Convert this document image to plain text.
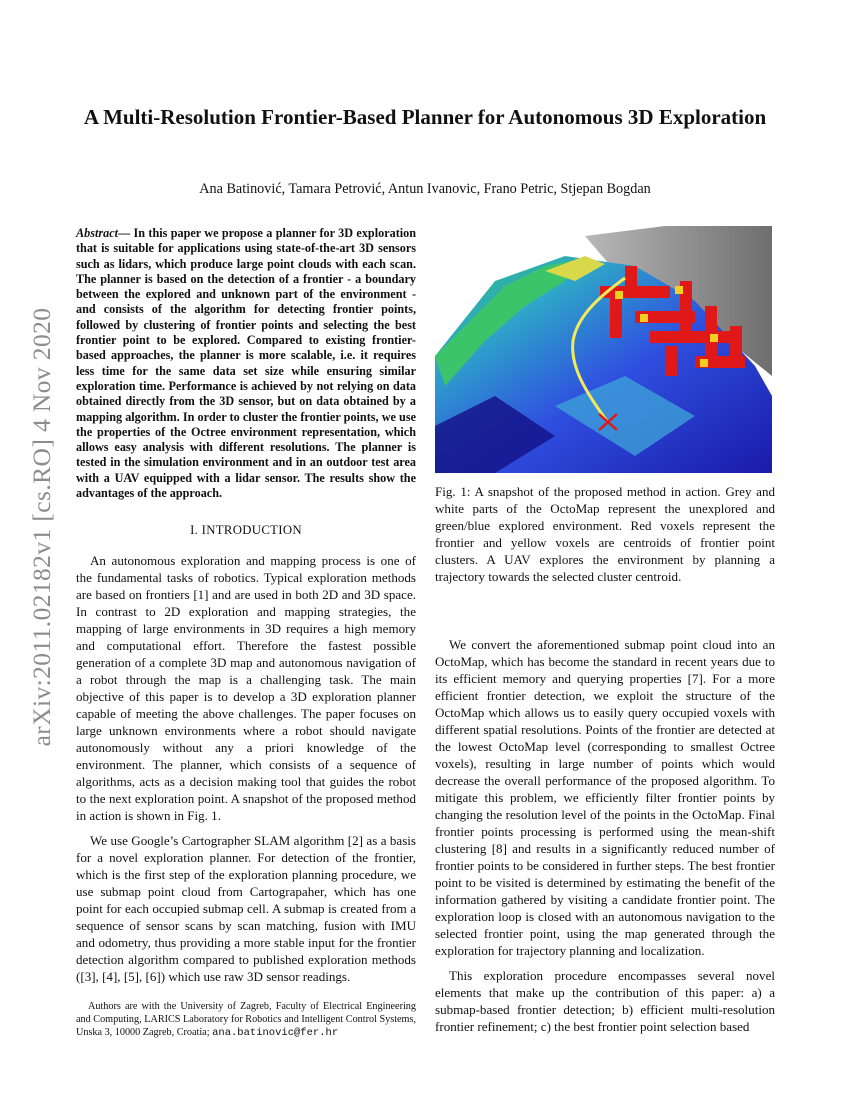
arXiv:2011.02182v1 [cs.RO] 4 Nov 2020
A Multi-Resolution Frontier-Based Planner for Autonomous 3D Exploration
Ana Batinović, Tamara Petrović, Antun Ivanovic, Frano Petric, Stjepan Bogdan

Abstract— In this paper we propose a planner for 3D exploration that is suitable for applications using state-of-the-art 3D sensors such as lidars, which produce large point clouds with each scan. The planner is based on the detection of a frontier - a boundary between the explored and unknown part of the environment - and consists of the algorithm for detecting frontier points, followed by clustering of frontier points and selecting the best frontier point to be explored. Compared to existing frontier-based approaches, the planner is more scalable, i.e. it requires less time for the same data set size while ensuring similar exploration time. Performance is achieved by not relying on data obtained directly from the 3D sensor, but on data obtained by a mapping algorithm. In order to cluster the frontier points, we use the properties of the Octree environment representation, which allows easy analysis with different resolutions. The planner is tested in the simulation environment and in an outdoor test area with a UAV equipped with a lidar sensor. The results show the advantages of the approach.

I. INTRODUCTION

An autonomous exploration and mapping process is one of the fundamental tasks of robotics. Typical exploration methods are based on frontiers [1] and are used in both 2D and 3D space. In contrast to 2D exploration and mapping strategies, the mapping of large environments in 3D requires a high memory and computational effort. Therefore the fastest possible generation of a complete 3D map and autonomous navigation of a robot through the map is a challenging task. The main objective of this paper is to develop a 3D exploration planner capable of meeting the above challenges. The paper focuses on large unknown environments where a robot should navigate autonomously without any a priori knowledge of the environment. The planner, which consists of a sequence of algorithms, acts as a decision making tool that guides the robot to the next exploration point. A snapshot of the proposed method in action is shown in Fig. 1.

We use Google’s Cartographer SLAM algorithm [2] as a basis for a novel exploration planner. For detection of the frontier, which is the first step of the exploration planning procedure, we use submap point cloud from Cartograpaher, which has one point for each occupied submap cell. A submap is created from a sequence of sensor scans by scan matching, fusion with IMU and odometry, thus providing a more stable input for the frontier detection algorithm compared to published exploration methods ([3], [4], [5], [6]) which use raw 3D sensor readings.

Authors are with the University of Zagreb, Faculty of Electrical Engineering and Computing, LARICS Laboratory for Robotics and Intelligent Control Systems, Unska 3, 10000 Zagreb, Croatia; ana.batinovic@fer.hr

Fig. 1: A snapshot of the proposed method in action. Grey and white parts of the OctoMap represent the unexplored and green/blue explored environment. Red voxels represent the frontier and yellow voxels are centroids of frontier point clusters. A UAV explores the environment by planning a trajectory towards the selected cluster centroid.

We convert the aforementioned submap point cloud into an OctoMap, which has become the standard in recent years due to its efficient memory and querying properties [7]. For a more efficient frontier detection, we exploit the structure of the OctoMap which allows us to easily query occupied voxels with different spatial resolutions. Points of the frontier are detected at the lowest OctoMap level (corresponding to smallest Octree voxels), resulting in large number of points which would decrease the overall performance of the proposed algorithm. To mitigate this problem, we efficiently filter frontier points by changing the resolution level of the points in the OctoMap. Final frontier points processing is performed using the mean-shift clustering [8] and results in a significantly reduced number of frontier points to be considered in further steps. The best frontier point to be visited is determined by estimating the benefit of the information gathered by visiting a candidate frontier point. The exploration loop is closed with an autonomous navigation to the selected frontier point, using the map generated through the exploration for trajectory planning and localization.

This exploration procedure encompasses several novel elements that make up the contribution of this paper: a) a submap-based frontier detection; b) efficient multi-resolution frontier refinement; c) the best frontier point selection based
